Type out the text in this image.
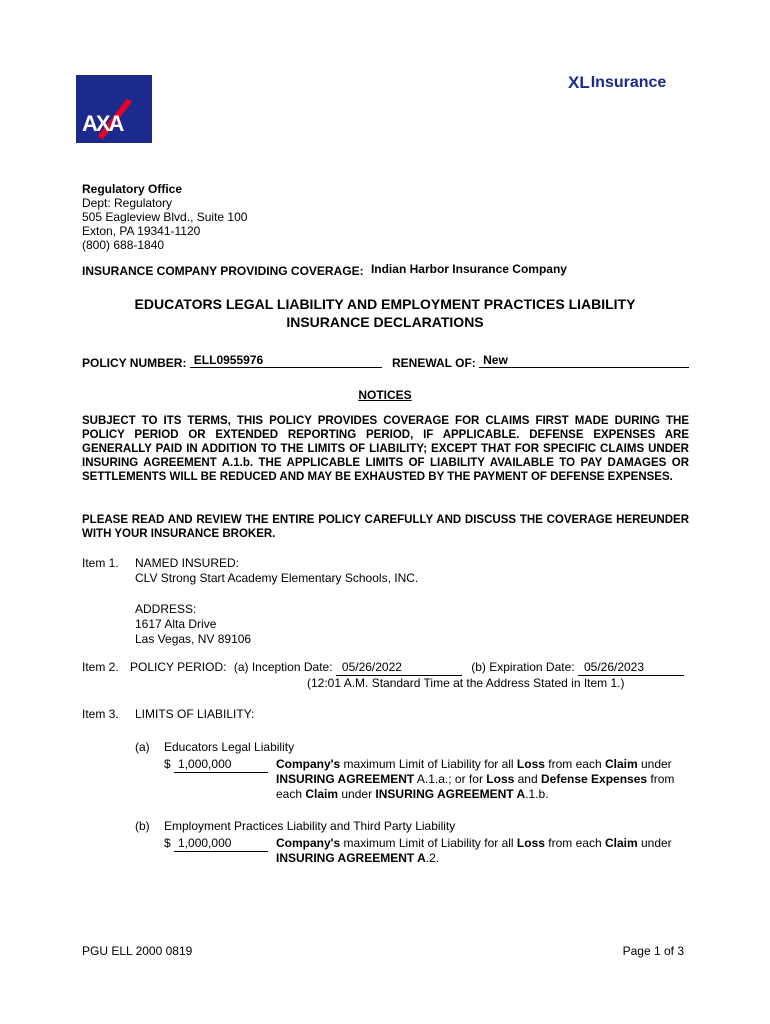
AXA
XL Insurance
Regulatory Office
Dept: Regulatory
505 Eagleview Blvd., Suite 100
Exton, PA 19341-1120
(800) 688-1840
INSURANCE COMPANY PROVIDING COVERAGE: Indian Harbor Insurance Company
EDUCATORS LEGAL LIABILITY AND EMPLOYMENT PRACTICES LIABILITY
INSURANCE DECLARATIONS
POLICY NUMBER: ELL0955976	RENEWAL OF: New
NOTICES
SUBJECT TO ITS TERMS, THIS POLICY PROVIDES COVERAGE FOR CLAIMS FIRST MADE DURING THE POLICY PERIOD OR EXTENDED REPORTING PERIOD, IF APPLICABLE. DEFENSE EXPENSES ARE GENERALLY PAID IN ADDITION TO THE LIMITS OF LIABILITY; EXCEPT THAT FOR SPECIFIC CLAIMS UNDER INSURING AGREEMENT A.1.b. THE APPLICABLE LIMITS OF LIABILITY AVAILABLE TO PAY DAMAGES OR SETTLEMENTS WILL BE REDUCED AND MAY BE EXHAUSTED BY THE PAYMENT OF DEFENSE EXPENSES.
PLEASE READ AND REVIEW THE ENTIRE POLICY CAREFULLY AND DISCUSS THE COVERAGE HEREUNDER WITH YOUR INSURANCE BROKER.
Item 1. NAMED INSURED:
CLV Strong Start Academy Elementary Schools, INC.
ADDRESS:
1617 Alta Drive
Las Vegas, NV 89106
Item 2. POLICY PERIOD: (a) Inception Date: 05/26/2022	(b) Expiration Date: 05/26/2023
(12:01 A.M. Standard Time at the Address Stated in Item 1.)
Item 3. LIMITS OF LIABILITY:
(a) Educators Legal Liability
$ 1,000,000	Company's maximum Limit of Liability for all Loss from each Claim under
INSURING AGREEMENT A.1.a.; or for Loss and Defense Expenses from
each Claim under INSURING AGREEMENT A.1.b.
(b) Employment Practices Liability and Third Party Liability
$ 1,000,000	Company's maximum Limit of Liability for all Loss from each Claim under
INSURING AGREEMENT A.2.
PGU ELL 2000 0819	Page 1 of 3
